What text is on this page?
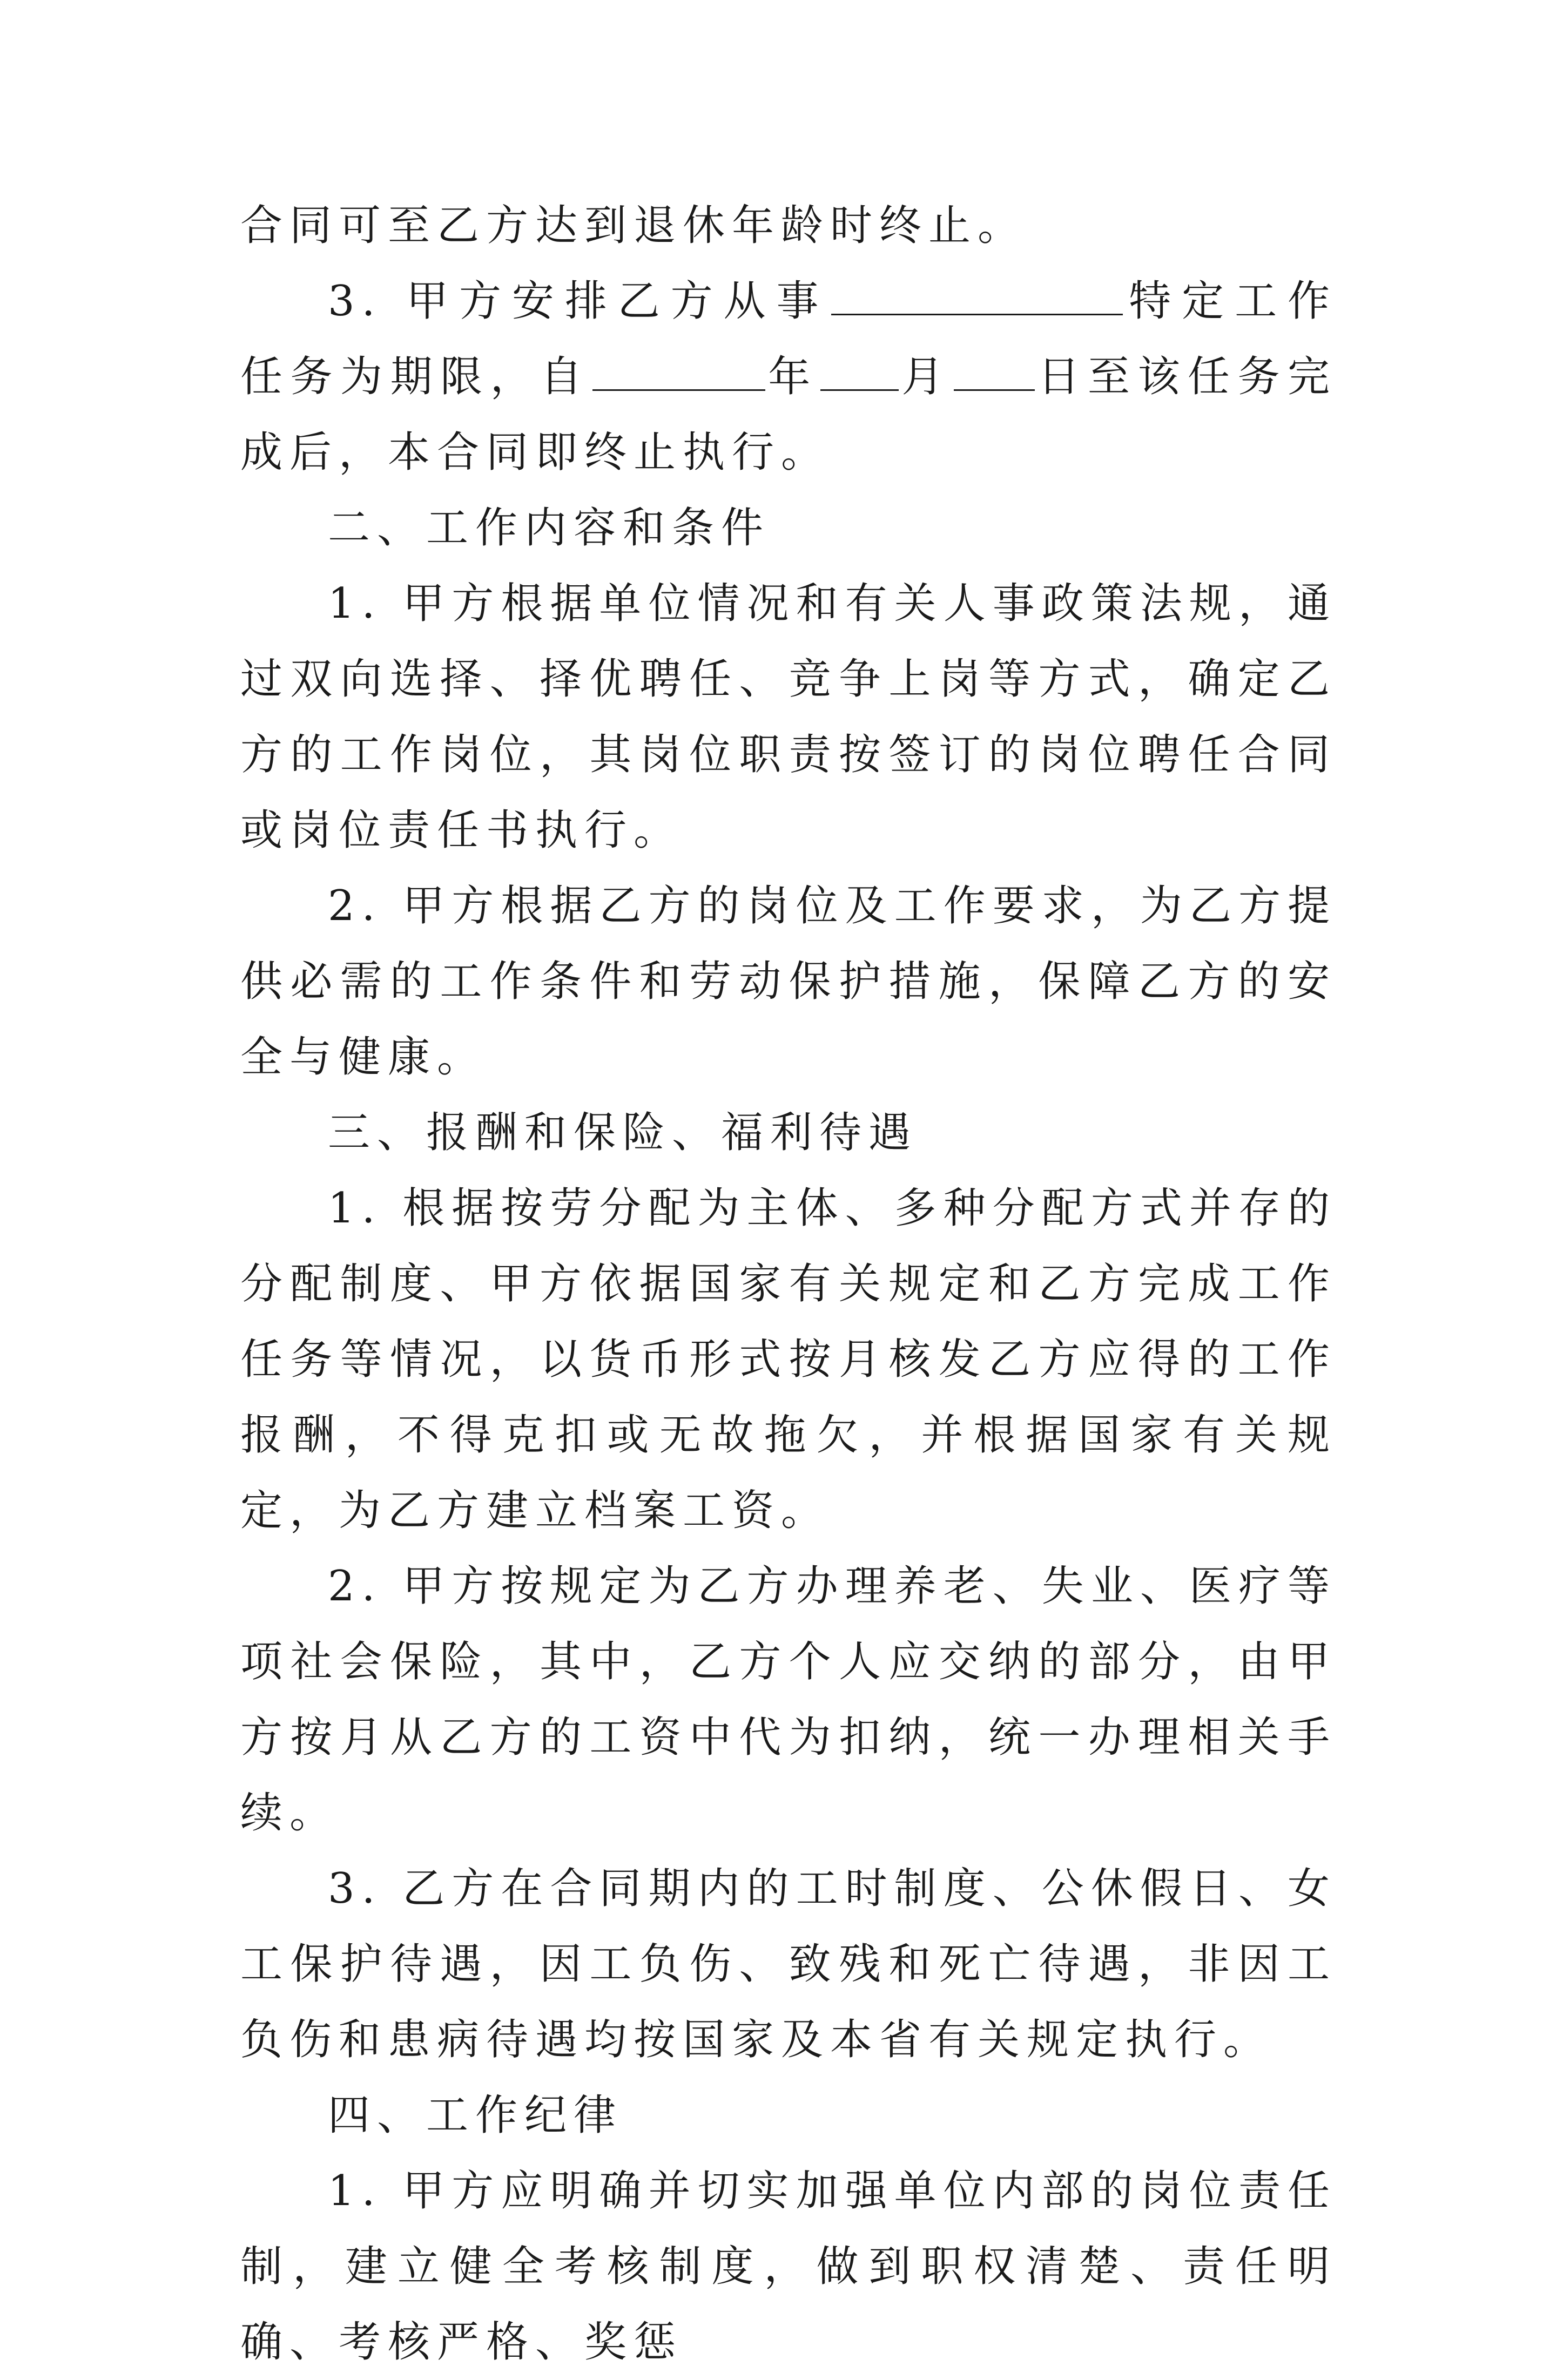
合同可至乙方达到退休年龄时终止。

3. 甲方安排乙方从事	特定工作任务为期限，自	年 月 日至该任务完成后，本合同即终止执行。

二、工作内容和条件

1. 甲方根据单位情况和有关人事政策法规，通过双向选择、择优聘任、竞争上岗等方式，确定乙方的工作岗位，其岗位职责按签订的岗位聘任合同或岗位责任书执行。

2. 甲方根据乙方的岗位及工作要求，为乙方提供必需的工作条件和劳动保护措施，保障乙方的安全与健康。

三、报酬和保险、福利待遇

1. 根据按劳分配为主体、多种分配方式并存的分配制度、甲方依据国家有关规定和乙方完成工作任务等情况，以货币形式按月核发乙方应得的工作报酬，不得克扣或无故拖欠，并根据国家有关规定，为乙方建立档案工资。

2. 甲方按规定为乙方办理养老、失业、医疗等项社会保险，其中，乙方个人应交纳的部分，由甲方按月从乙方的工资中代为扣纳，统一办理相关手续。

3. 乙方在合同期内的工时制度、公休假日、女工保护待遇，因工负伤、致残和死亡待遇，非因工负伤和患病待遇均按国家及本省有关规定执行。

四、工作纪律

1. 甲方应明确并切实加强单位内部的岗位责任制，建立健全考核制度，做到职权清楚、责任明确、考核严格、奖惩
